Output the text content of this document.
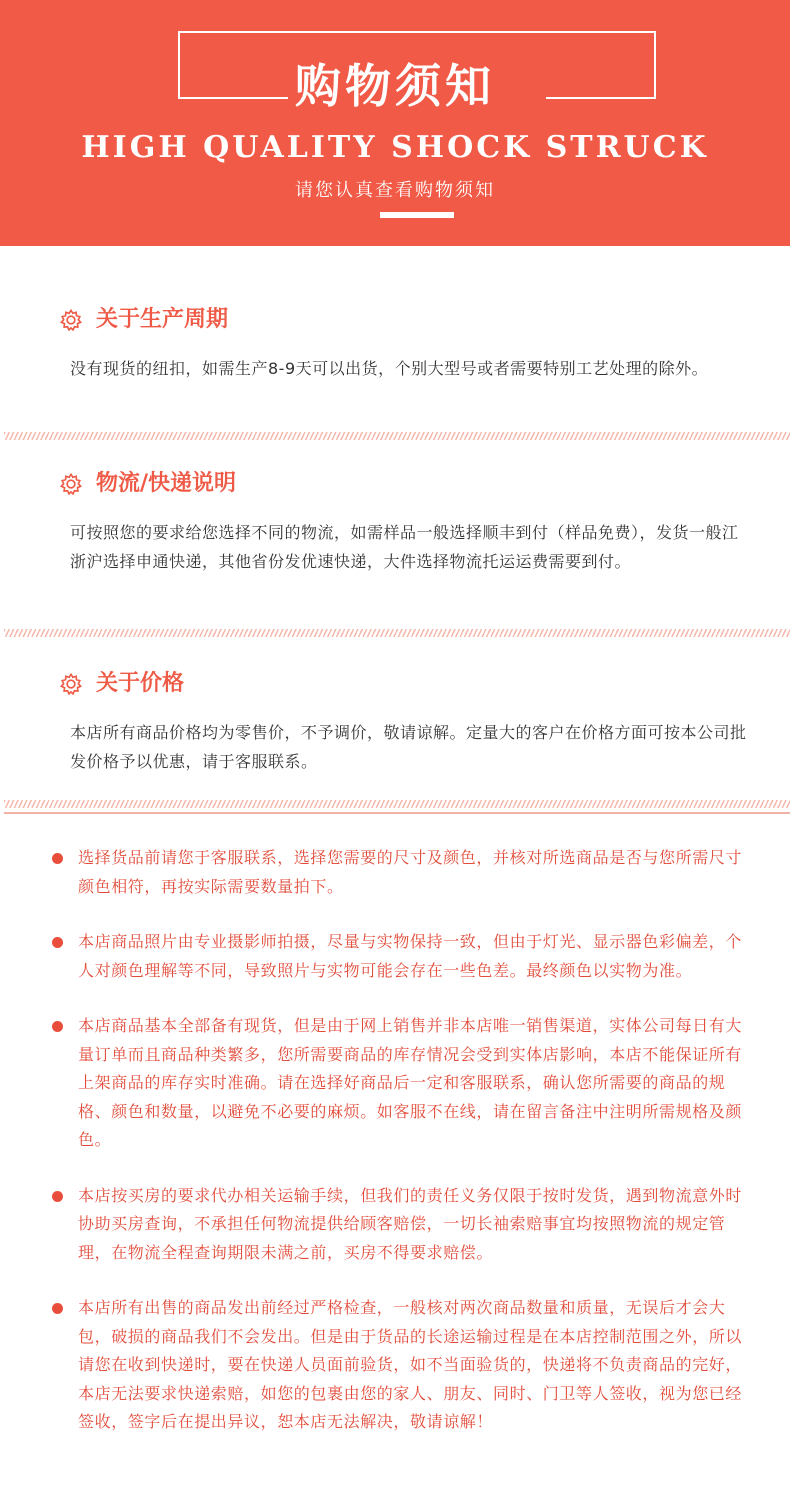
购物须知
HIGH QUALITY SHOCK STRUCK
请您认真查看购物须知
关于生产周期
没有现货的纽扣，如需生产8-9天可以出货，个别大型号或者需要特别工艺处理的除外。
物流/快递说明
可按照您的要求给您选择不同的物流，如需样品一般选择顺丰到付（样品免费），发货一般江浙沪选择申通快递，其他省份发优速快递，大件选择物流托运运费需要到付。
关于价格
本店所有商品价格均为零售价，不予调价，敬请谅解。定量大的客户在价格方面可按本公司批发价格予以优惠，请于客服联系。
选择货品前请您于客服联系，选择您需要的尺寸及颜色，并核对所选商品是否与您所需尺寸颜色相符，再按实际需要数量拍下。
本店商品照片由专业摄影师拍摄，尽量与实物保持一致，但由于灯光、显示器色彩偏差，个人对颜色理解等不同，导致照片与实物可能会存在一些色差。最终颜色以实物为准。
本店商品基本全部备有现货，但是由于网上销售并非本店唯一销售渠道，实体公司每日有大量订单而且商品种类繁多，您所需要商品的库存情况会受到实体店影响，本店不能保证所有上架商品的库存实时准确。请在选择好商品后一定和客服联系，确认您所需要的商品的规格、颜色和数量，以避免不必要的麻烦。如客服不在线，请在留言备注中注明所需规格及颜色。
本店按买房的要求代办相关运输手续，但我们的责任义务仅限于按时发货，遇到物流意外时协助买房查询，不承担任何物流提供给顾客赔偿，一切长袖索赔事宜均按照物流的规定管理，在物流全程查询期限未满之前，买房不得要求赔偿。
本店所有出售的商品发出前经过严格检查，一般核对两次商品数量和质量，无误后才会大包，破损的商品我们不会发出。但是由于货品的长途运输过程是在本店控制范围之外，所以请您在收到快递时，要在快递人员面前验货，如不当面验货的，快递将不负责商品的完好，本店无法要求快递索赔，如您的包裹由您的家人、朋友、同时、门卫等人签收，视为您已经签收，签字后在提出异议，恕本店无法解决，敬请谅解！
